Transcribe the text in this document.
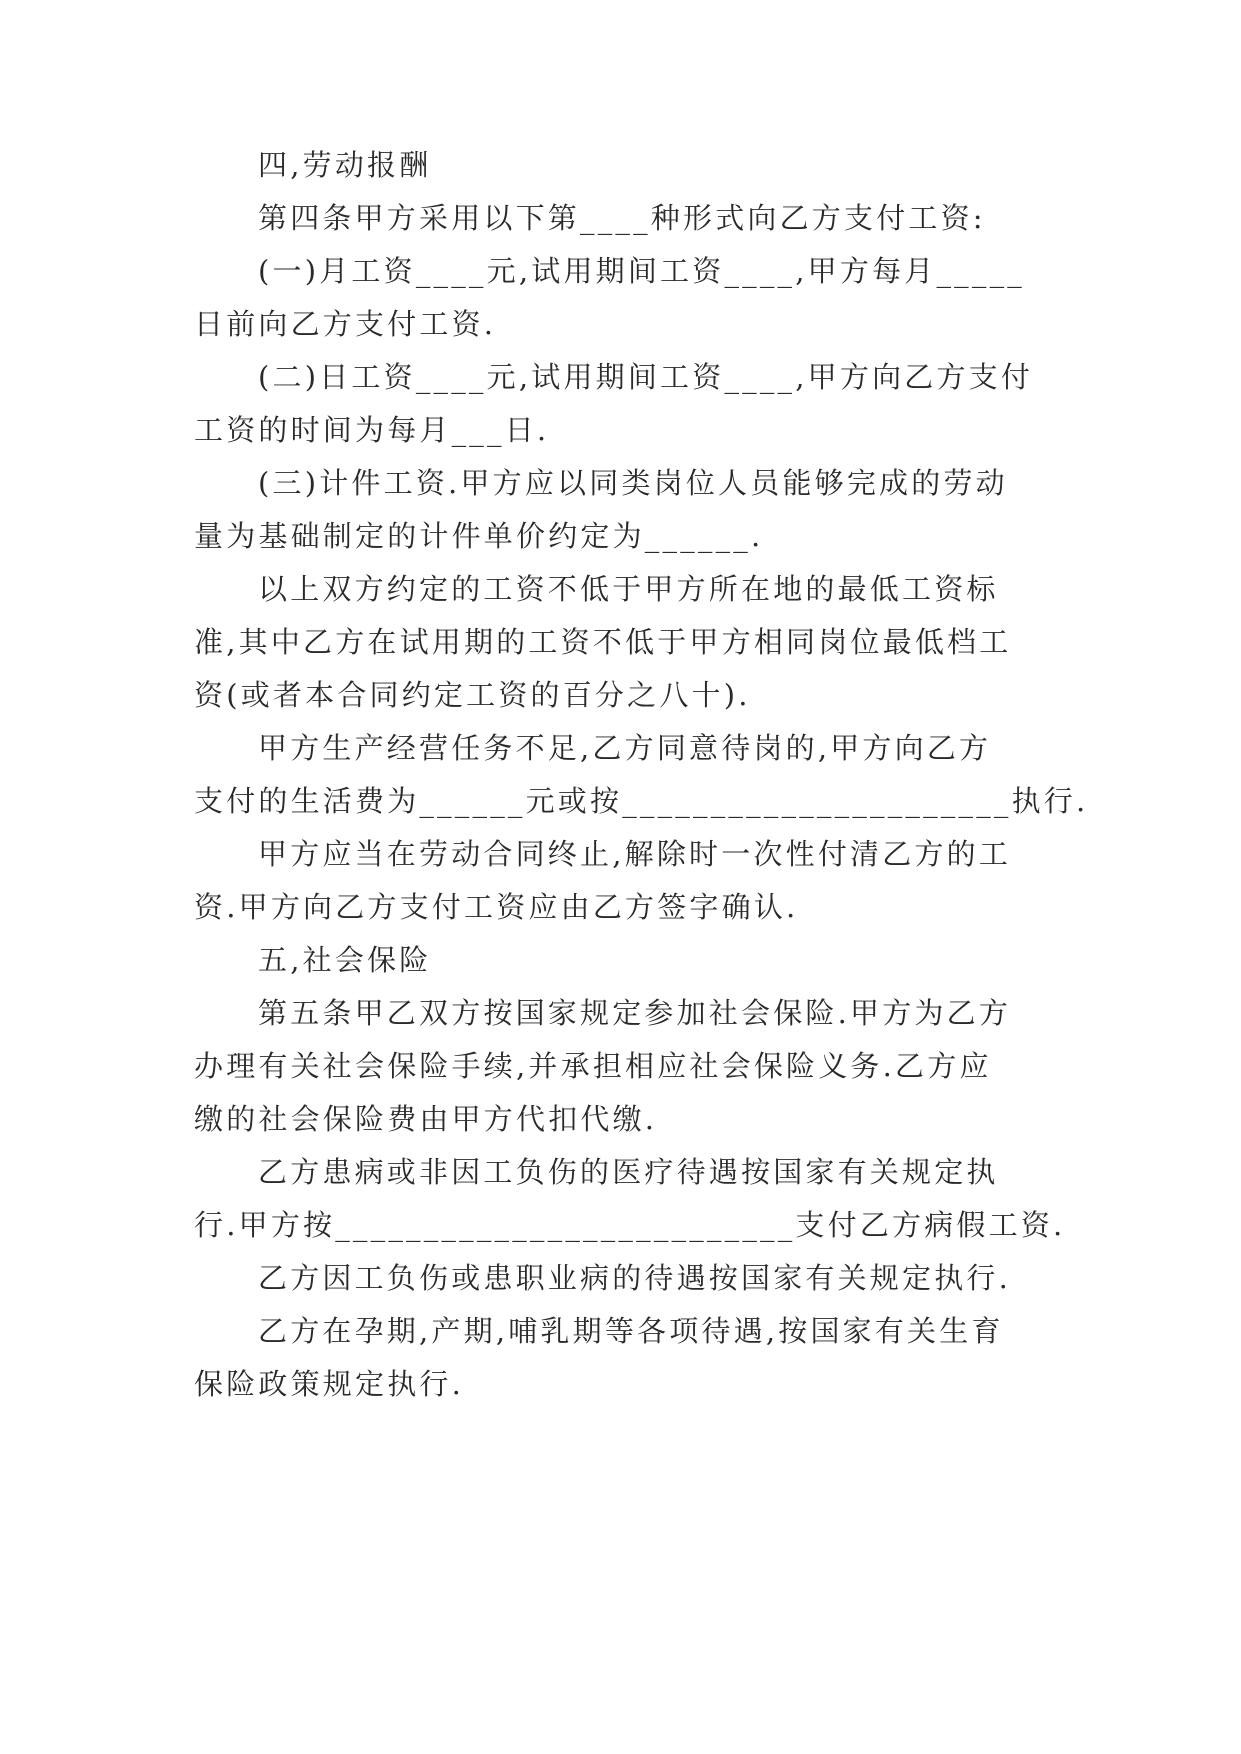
四,劳动报酬
第四条甲方采用以下第____种形式向乙方支付工资:
(一)月工资____元,试用期间工资____,甲方每月_____
日前向乙方支付工资.
(二)日工资____元,试用期间工资____,甲方向乙方支付
工资的时间为每月___日.
(三)计件工资.甲方应以同类岗位人员能够完成的劳动
量为基础制定的计件单价约定为______.
以上双方约定的工资不低于甲方所在地的最低工资标
准,其中乙方在试用期的工资不低于甲方相同岗位最低档工
资(或者本合同约定工资的百分之八十).
甲方生产经营任务不足,乙方同意待岗的,甲方向乙方
支付的生活费为______元或按______________________执行.
甲方应当在劳动合同终止,解除时一次性付清乙方的工
资.甲方向乙方支付工资应由乙方签字确认.
五,社会保险
第五条甲乙双方按国家规定参加社会保险.甲方为乙方
办理有关社会保险手续,并承担相应社会保险义务.乙方应
缴的社会保险费由甲方代扣代缴.
乙方患病或非因工负伤的医疗待遇按国家有关规定执
行.甲方按__________________________支付乙方病假工资.
乙方因工负伤或患职业病的待遇按国家有关规定执行.
乙方在孕期,产期,哺乳期等各项待遇,按国家有关生育
保险政策规定执行.
